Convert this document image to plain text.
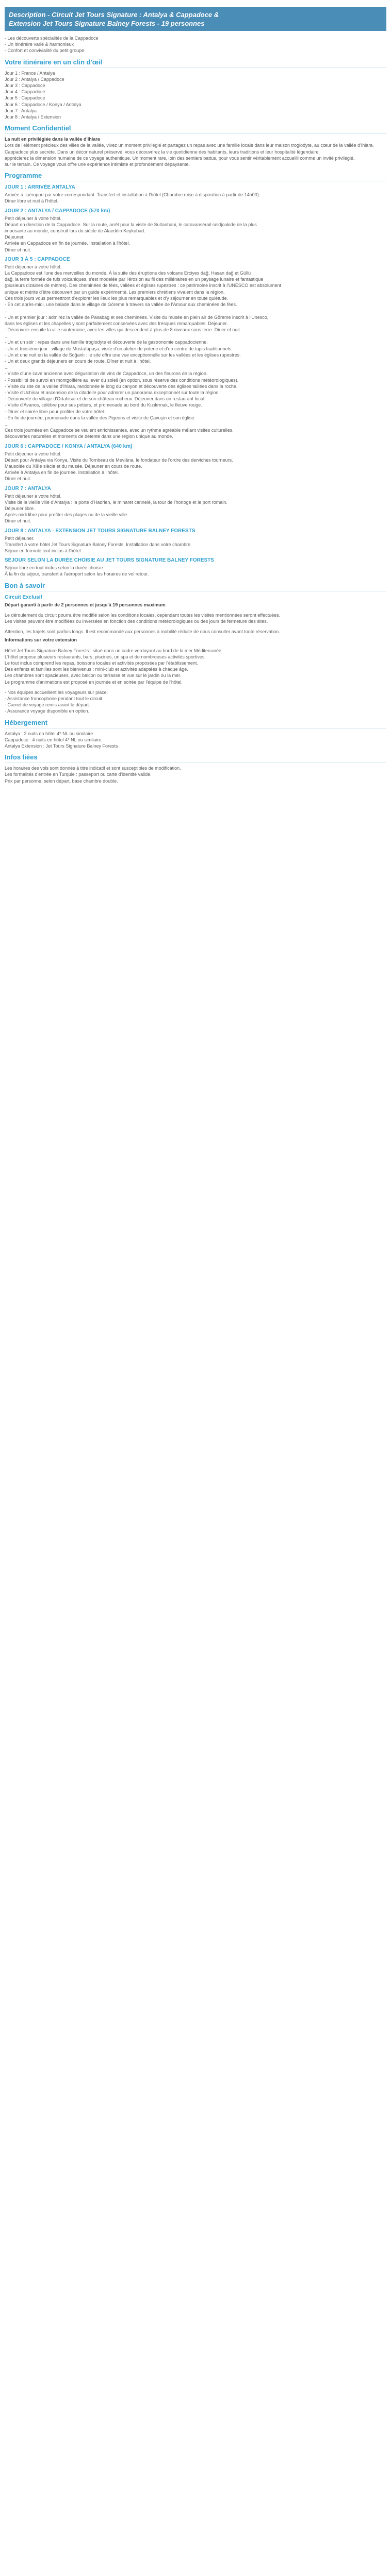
Description - Circuit Jet Tours Signature : Antalya & Cappadoce &
Extension Jet Tours Signature Balney Forests - 19 personnes
- Les découverts spécialités de la Cappadoce
- Un itinéraire varié & harmonieux
- Confort et convivialité du petit groupe
Votre itinéraire en un clin d'œil
Jour 1 : France / Antalya
Jour 2 : Antalya / Cappadoce
Jour 3 : Cappadoce
Jour 4 : Cappadoce
Jour 5 : Cappadoce
Jour 6 : Cappadoce / Konya / Antalya
Jour 7 : Antalya
Jour 8 : Antalya / Extension
Moment Confidentiel
La nuit en privilégiée dans la vallée d'Ihlara
Lors de l'élément précieux des villes de la vallée, vivez un moment privilégié et partagez un repas avec une famille locale dans leur maison troglodyte, au cœur de la vallée d'Ihlara.
Cappadoce plus secrète. Dans un décor naturel préservé, vous découvrirez la vie quotidienne des habitants, leurs traditions et leur hospitalité légendaire,
apprécierez la dimension humaine de ce voyage authentique. Un moment rare, loin des sentiers battus, pour vous sentir véritablement accueilli comme un invité privilégié.
sur le terrain. Ce voyage vous offre une expérience intimiste et profondément dépaysante.
Programme
JOUR 1 : ARRIVÉE ANTALYA
Arrivée à l'aéroport par votre correspondant. Transfert et installation à l'hôtel (Chambre mise à disposition à partir de 14h00).
Dîner libre et nuit à l'hôtel.
JOUR 2 : ANTALYA / CAPPADOCE (570 km)
Petit déjeuner à votre hôtel.
Départ en direction de la Cappadoce. Sur la route, arrêt pour la visite de Sultanhani, le caravansérail seldjoukide de la plus
imposante au monde, construit lors du siècle de Alaeddin Keykubad.
Déjeuner.
Arrivée en Cappadoce en fin de journée. Installation à l'hôtel.
Dîner et nuit.
JOUR 3 À 5 : CAPPADOCE
Petit déjeuner à votre hôtel.
La Cappadoce est l'une des merveilles du monde. À la suite des éruptions des volcans Erciyes dağ, Hasan dağ et Güllü
dağ, la terre formée de tufs volcaniques, s'est modelée par l'érosion au fil des millénaires en un paysage lunaire et fantastique
(plusieurs dizaines de mètres). Des cheminées de fées, vallées et églises rupestres : ce patrimoine inscrit à l'UNESCO est absolument
unique et mérite d'être découvert par un guide expérimenté. Les premiers chrétiens vivaient dans la région.
Ces trois jours vous permettront d'explorer les lieux les plus remarquables et d'y séjourner en toute quiétude.
- En cet après-midi, une balade dans le village de Göreme à travers sa vallée de l'Amour aux cheminées de fées.
...
- Un et premier jour : admirez la vallée de Pasabag et ses cheminées. Visite du musée en plein air de Göreme inscrit à l'Unesco,
dans les églises et les chapelles y sont parfaitement conservées avec des fresques remarquables. Déjeuner.
- Découvrez ensuite la ville souterraine, avec les villes qui descendent à plus de 8 niveaux sous terre. Dîner et nuit.
...
- Un et un soir : repas dans une famille troglodyte et découverte de la gastronomie cappadocienne.
- Un et troisième jour : village de Mustafapaşa, visite d'un atelier de poterie et d'un centre de tapis traditionnels.
- Un et une nuit en la vallée de Soğanlı : le site offre une vue exceptionnelle sur les vallées et les églises rupestres.
- Un et deux grands déjeuners en cours de route. Dîner et nuit à l'hôtel.
...
- Visite d'une cave ancienne avec dégustation de vins de Cappadoce, un des fleurons de la région.
- Possibilité de survol en montgolfière au lever du soleil (en option, sous réserve des conditions météorologiques).
- Visite du site de la vallée d'Ihlara, randonnée le long du canyon et découverte des églises taillées dans la roche.
- Visite d'Uchisar et ascension de la citadelle pour admirer un panorama exceptionnel sur toute la région.
- Découverte du village d'Ortahisar et de son château rocheux. Déjeuner dans un restaurant local.
- Visite d'Avanos, célèbre pour ses potiers, et promenade au bord du Kızılırmak, le fleuve rouge.
- Dîner et soirée libre pour profiter de votre hôtel.
- En fin de journée, promenade dans la vallée des Pigeons et visite de Çavuşin et son église.
...
Ces trois journées en Cappadoce se veulent enrichissantes, avec un rythme agréable mêlant visites culturelles,
découvertes naturelles et moments de détente dans une région unique au monde.
JOUR 6 : CAPPADOCE / KONYA / ANTALYA (640 km)
Petit déjeuner à votre hôtel.
Départ pour Antalya via Konya. Visite du Tombeau de Mevlâna, le fondateur de l'ordre des derviches tourneurs.
Mausolée du XIIIe siècle et du musée. Déjeuner en cours de route.
Arrivée à Antalya en fin de journée. Installation à l'hôtel.
Dîner et nuit.
JOUR 7 : ANTALYA
Petit déjeuner à votre hôtel.
Visite de la vieille ville d'Antalya : la porte d'Hadrien, le minaret cannelé, la tour de l'horloge et le port romain.
Déjeuner libre.
Après-midi libre pour profiter des plages ou de la vieille ville.
Dîner et nuit.
JOUR 8 : ANTALYA - EXTENSION JET TOURS SIGNATURE BALNEY FORESTS
Petit déjeuner.
Transfert à votre hôtel Jet Tours Signature Balney Forests. Installation dans votre chambre.
Séjour en formule tout inclus à l'hôtel.
SÉJOUR SELON LA DURÉE CHOISIE AU JET TOURS SIGNATURE BALNEY FORESTS
Séjour libre en tout inclus selon la durée choisie.
À la fin du séjour, transfert à l'aéroport selon les horaires de vol retour.
Bon à savoir
Circuit Exclusif
Départ garanti à partir de 2 personnes et jusqu'à 19 personnes maximum
Le déroulement du circuit pourra être modifié selon les conditions locales, cependant toutes les visites mentionnées seront effectuées.
Les visites peuvent être modifiées ou inversées en fonction des conditions météorologiques ou des jours de fermeture des sites.
Attention, les trajets sont parfois longs. Il est recommandé aux personnes à mobilité réduite de nous consulter avant toute réservation.
Informations sur votre extension
Hôtel Jet Tours Signature Balney Forests : situé dans un cadre verdoyant au bord de la mer Méditerranée.
L'hôtel propose plusieurs restaurants, bars, piscines, un spa et de nombreuses activités sportives.
Le tout inclus comprend les repas, boissons locales et activités proposées par l'établissement.
Des enfants et familles sont les bienvenus : mini-club et activités adaptées à chaque âge.
Les chambres sont spacieuses, avec balcon ou terrasse et vue sur le jardin ou la mer.
Le programme d'animations est proposé en journée et en soirée par l'équipe de l'hôtel.
- Nos équipes accueillent les voyageurs sur place.
- Assistance francophone pendant tout le circuit.
- Carnet de voyage remis avant le départ.
- Assurance voyage disponible en option.
Hébergement
Antalya : 2 nuits en hôtel 4* NL ou similaire
Cappadoce : 4 nuits en hôtel 4* NL ou similaire
Antalya Extension : Jet Tours Signature Balney Forests
Infos liées
Les horaires des vols sont donnés à titre indicatif et sont susceptibles de modification.
Les formalités d'entrée en Turquie : passeport ou carte d'identité valide.
Prix par personne, selon départ, base chambre double.
